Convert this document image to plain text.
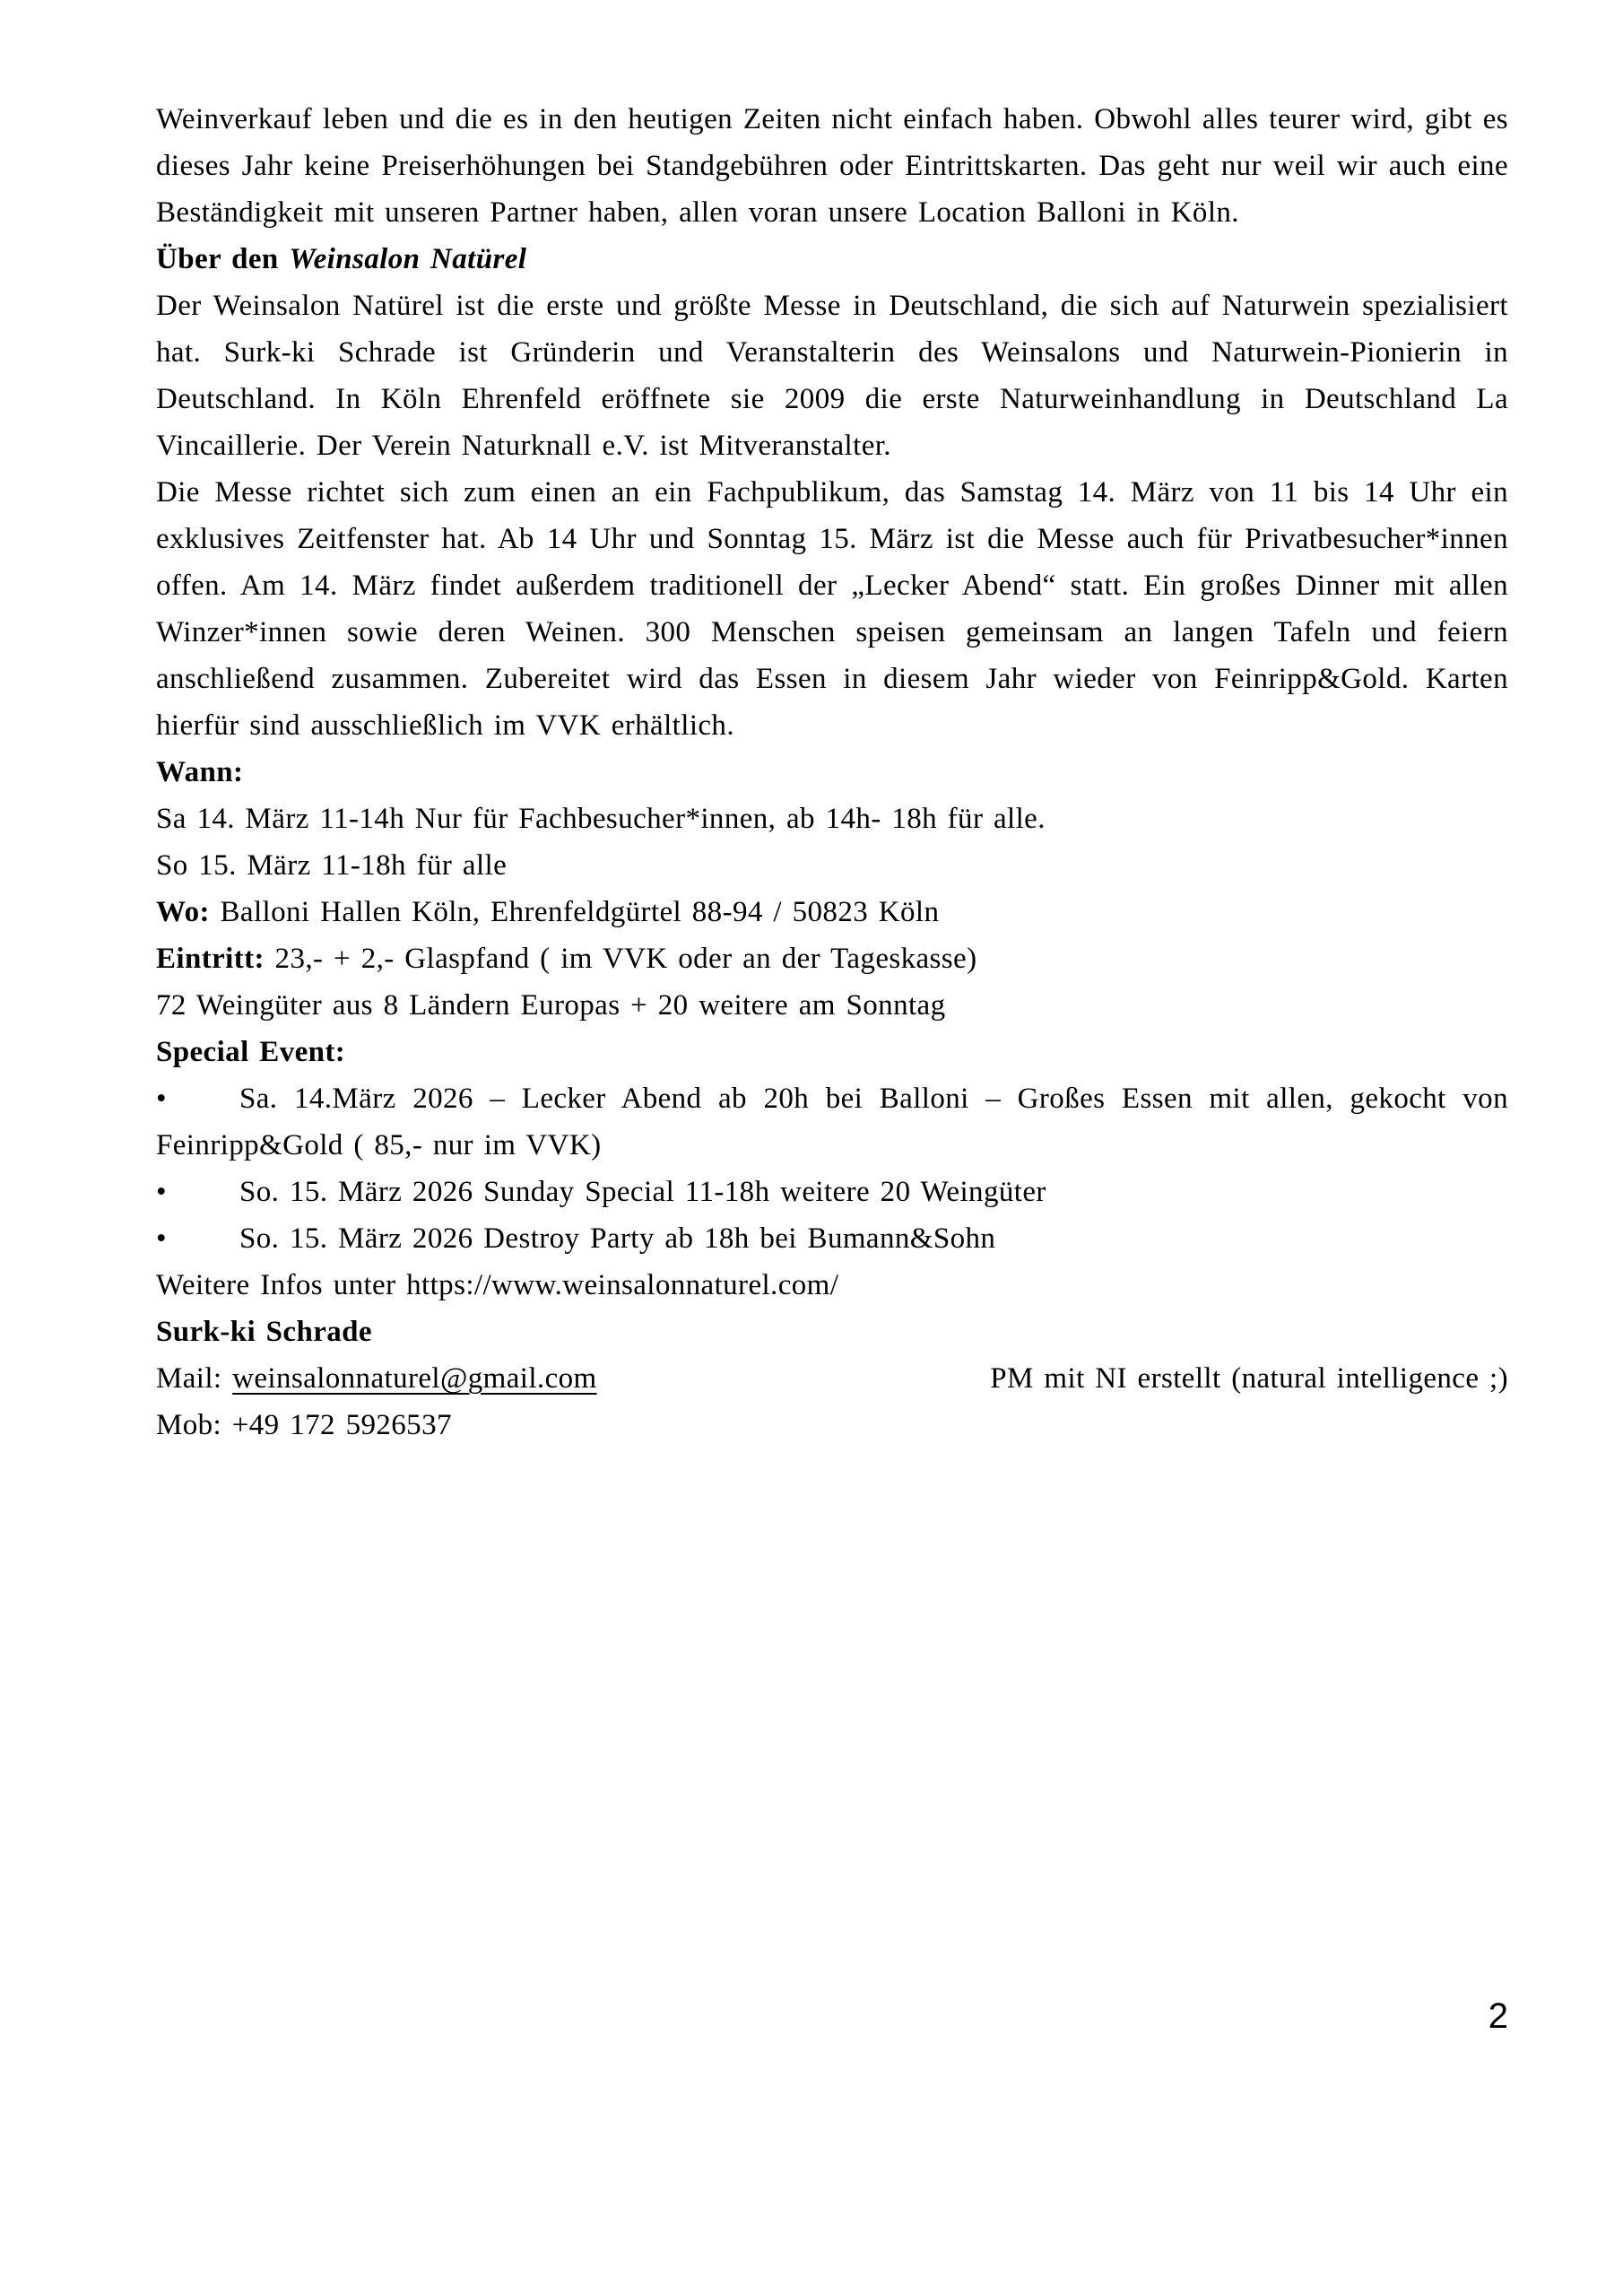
Weinverkauf leben und die es in den heutigen Zeiten nicht einfach haben. Obwohl alles teurer wird, gibt es dieses Jahr keine Preiserhöhungen bei Standgebühren oder Eintrittskarten. Das geht nur weil wir auch eine Beständigkeit mit unseren Partner haben, allen voran unsere Location Balloni in Köln.

Über den Weinsalon Natürel

Der Weinsalon Natürel ist die erste und größte Messe in Deutschland, die sich auf Naturwein spezialisiert hat. Surk-ki Schrade ist Gründerin und Veranstalterin des Weinsalons und Naturwein-Pionierin in Deutschland. In Köln Ehrenfeld eröffnete sie 2009 die erste Naturweinhandlung in Deutschland La Vincaillerie. Der Verein Naturknall e.V. ist Mitveranstalter.

Die Messe richtet sich zum einen an ein Fachpublikum, das Samstag 14. März von 11 bis 14 Uhr ein exklusives Zeitfenster hat. Ab 14 Uhr und Sonntag 15. März ist die Messe auch für Privatbesucher*innen offen. Am 14. März findet außerdem traditionell der „Lecker Abend“ statt. Ein großes Dinner mit allen Winzer*innen sowie deren Weinen. 300 Menschen speisen gemeinsam an langen Tafeln und feiern anschließend zusammen. Zubereitet wird das Essen in diesem Jahr wieder von Feinripp&Gold. Karten hierfür sind ausschließlich im VVK erhältlich.

Wann:

Sa 14. März 11-14h Nur für Fachbesucher*innen, ab 14h- 18h für alle.

So 15. März 11-18h für alle

Wo: Balloni Hallen Köln, Ehrenfeldgürtel 88-94 / 50823 Köln

Eintritt: 23,- + 2,- Glaspfand ( im VVK oder an der Tageskasse)

72 Weingüter aus 8 Ländern Europas + 20 weitere am Sonntag

Special Event:

• Sa. 14.März 2026 – Lecker Abend ab 20h bei Balloni – Großes Essen mit allen, gekocht von Feinripp&Gold ( 85,- nur im VVK)

• So. 15. März 2026 Sunday Special 11-18h weitere 20 Weingüter

• So. 15. März 2026 Destroy Party ab 18h bei Bumann&Sohn

Weitere Infos unter https://www.weinsalonnaturel.com/

2

Surk-ki Schrade

Mail: weinsalonnaturel@gmail.com	PM mit NI erstellt (natural intelligence ;)

Mob: +49 172 5926537
